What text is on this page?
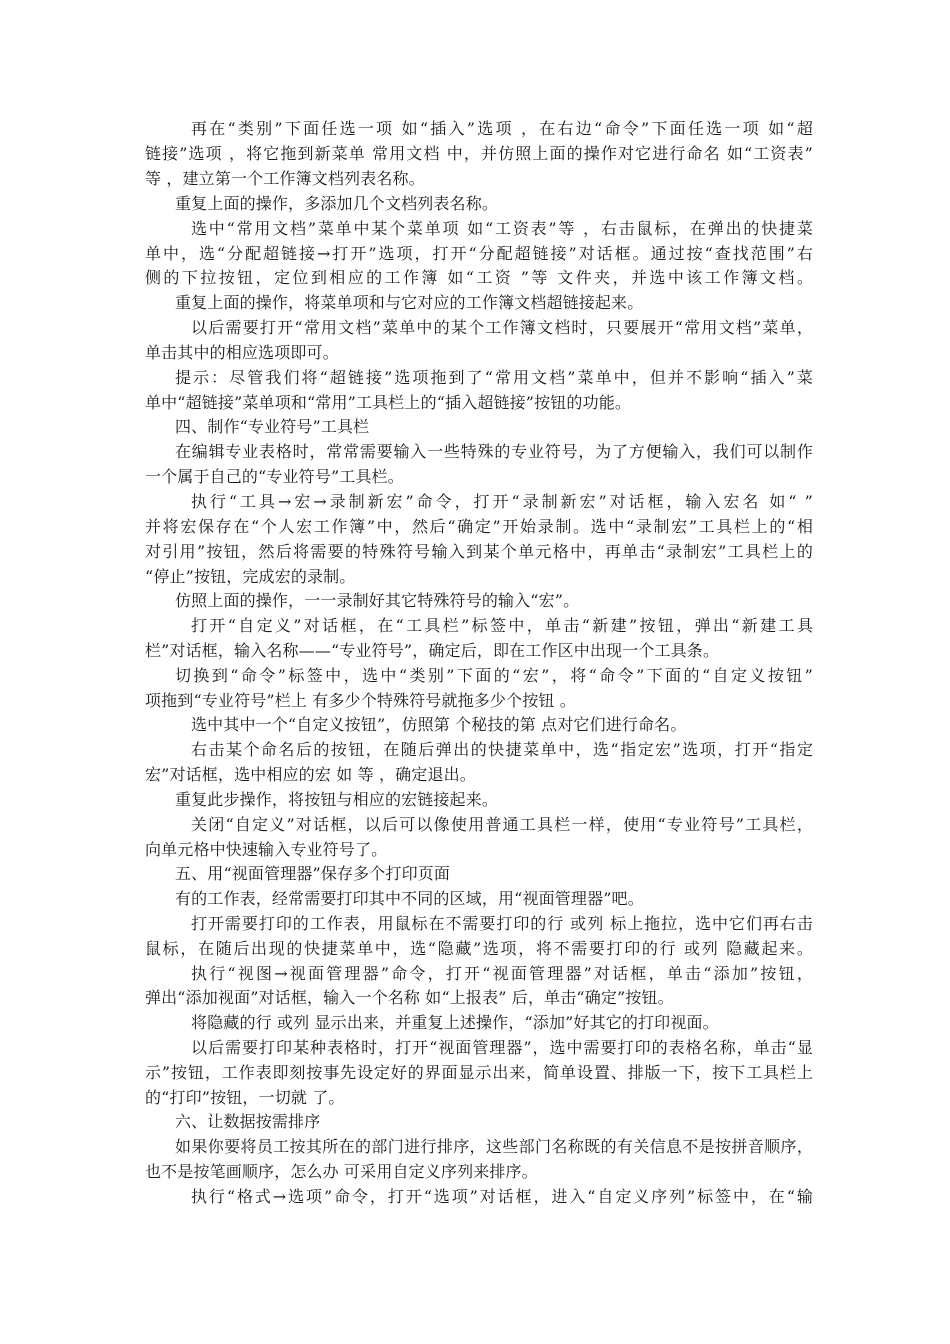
再在“类别”下面任选一项 如“插入”选项 ，在右边“命令”下面任选一项 如“超
链接”选项 ，将它拖到新菜单 常用文档 中，并仿照上面的操作对它进行命名 如“工资表”
等 ，建立第一个工作簿文档列表名称。
重复上面的操作，多添加几个文档列表名称。
选中“常用文档”菜单中某个菜单项 如“工资表”等 ，右击鼠标，在弹出的快捷菜
单中，选“分配超链接→打开”选项，打开“分配超链接”对话框。通过按“查找范围”右
侧的下拉按钮，定位到相应的工作簿 如“工资 ”等 文件夹，并选中该工作簿文档。
重复上面的操作，将菜单项和与它对应的工作簿文档超链接起来。
以后需要打开“常用文档”菜单中的某个工作簿文档时，只要展开“常用文档”菜单，
单击其中的相应选项即可。
提示：尽管我们将“超链接”选项拖到了“常用文档”菜单中，但并不影响“插入”菜
单中“超链接”菜单项和“常用”工具栏上的“插入超链接”按钮的功能。
四、制作“专业符号”工具栏
在编辑专业表格时，常常需要输入一些特殊的专业符号，为了方便输入，我们可以制作
一个属于自己的“专业符号”工具栏。
执行“工具→宏→录制新宏”命令，打开“录制新宏”对话框，输入宏名 如“ ”
并将宏保存在“个人宏工作簿”中，然后“确定”开始录制。选中“录制宏”工具栏上的“相
对引用”按钮，然后将需要的特殊符号输入到某个单元格中，再单击“录制宏”工具栏上的
“停止”按钮，完成宏的录制。
仿照上面的操作，一一录制好其它特殊符号的输入“宏”。
打开“自定义”对话框，在“工具栏”标签中，单击“新建”按钮，弹出“新建工具
栏”对话框，输入名称——“专业符号”，确定后，即在工作区中出现一个工具条。
切换到“命令”标签中，选中“类别”下面的“宏”，将“命令”下面的“自定义按钮”
项拖到“专业符号”栏上 有多少个特殊符号就拖多少个按钮 。
选中其中一个“自定义按钮”，仿照第 个秘技的第 点对它们进行命名。
右击某个命名后的按钮，在随后弹出的快捷菜单中，选“指定宏”选项，打开“指定
宏”对话框，选中相应的宏 如 等 ，确定退出。
重复此步操作，将按钮与相应的宏链接起来。
关闭“自定义”对话框，以后可以像使用普通工具栏一样，使用“专业符号”工具栏，
向单元格中快速输入专业符号了。
五、用“视面管理器”保存多个打印页面
有的工作表，经常需要打印其中不同的区域，用“视面管理器”吧。
打开需要打印的工作表，用鼠标在不需要打印的行 或列 标上拖拉，选中它们再右击
鼠标，在随后出现的快捷菜单中，选“隐藏”选项，将不需要打印的行 或列 隐藏起来。
执行“视图→视面管理器”命令，打开“视面管理器”对话框，单击“添加”按钮，
弹出“添加视面”对话框，输入一个名称 如“上报表” 后，单击“确定”按钮。
将隐藏的行 或列 显示出来，并重复上述操作，“添加”好其它的打印视面。
以后需要打印某种表格时，打开“视面管理器”，选中需要打印的表格名称，单击“显
示”按钮，工作表即刻按事先设定好的界面显示出来，简单设置、排版一下，按下工具栏上
的“打印”按钮，一切就 了。
六、让数据按需排序
如果你要将员工按其所在的部门进行排序，这些部门名称既的有关信息不是按拼音顺序，
也不是按笔画顺序，怎么办 可采用自定义序列来排序。
执行“格式→选项”命令，打开“选项”对话框，进入“自定义序列”标签中，在“输
